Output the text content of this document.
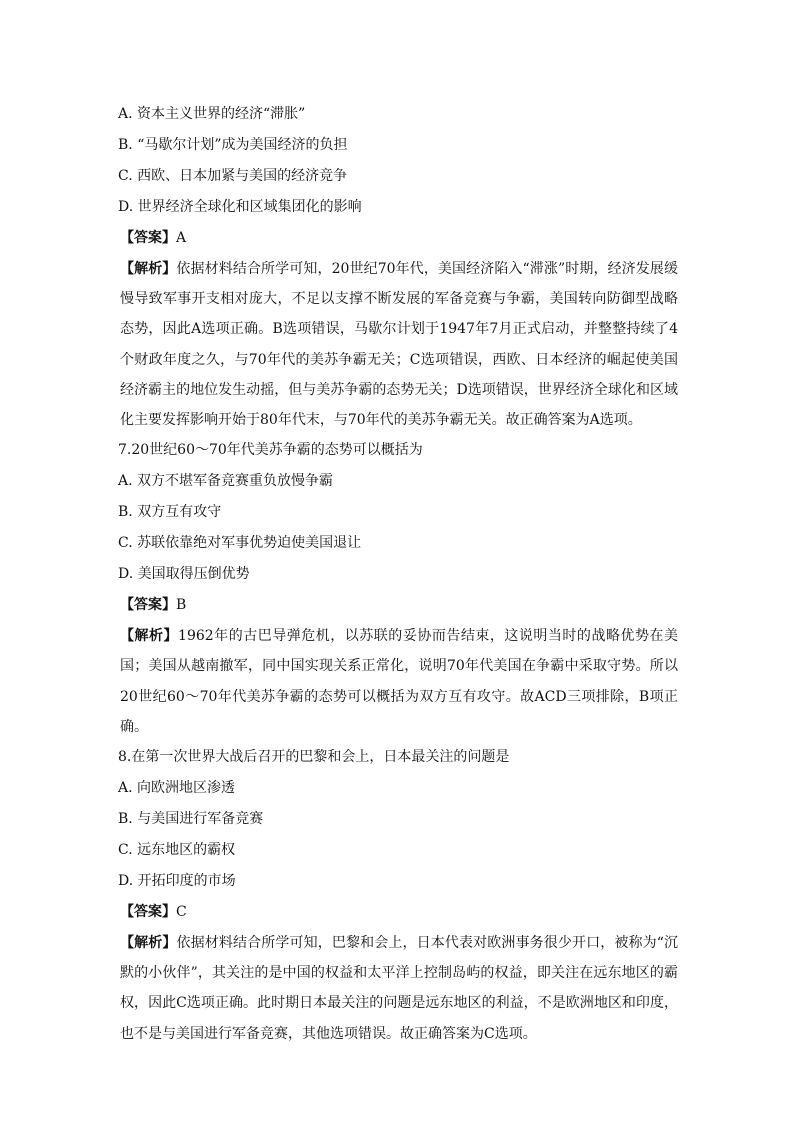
A. 资本主义世界的经济“滞胀”
B. “马歇尔计划”成为美国经济的负担
C. 西欧、日本加紧与美国的经济竞争
D. 世界经济全球化和区域集团化的影响
【答案】A
【解析】依据材料结合所学可知，20世纪70年代，美国经济陷入“滞涨”时期，经济发展缓慢导致军事开支相对庞大，不足以支撑不断发展的军备竞赛与争霸，美国转向防御型战略态势，因此A选项正确。B选项错误，马歇尔计划于1947年7月正式启动，并整整持续了4个财政年度之久，与70年代的美苏争霸无关；C选项错误，西欧、日本经济的崛起使美国经济霸主的地位发生动摇，但与美苏争霸的态势无关；D选项错误，世界经济全球化和区域化主要发挥影响开始于80年代末，与70年代的美苏争霸无关。故正确答案为A选项。
7.20世纪60～70年代美苏争霸的态势可以概括为
A. 双方不堪军备竞赛重负放慢争霸
B. 双方互有攻守
C. 苏联依靠绝对军事优势迫使美国退让
D. 美国取得压倒优势
【答案】B
【解析】1962年的古巴导弹危机，以苏联的妥协而告结束，这说明当时的战略优势在美国；美国从越南撤军，同中国实现关系正常化，说明70年代美国在争霸中采取守势。所以20世纪60～70年代美苏争霸的态势可以概括为双方互有攻守。故ACD三项排除，B项正确。
8.在第一次世界大战后召开的巴黎和会上，日本最关注的问题是
A. 向欧洲地区渗透
B. 与美国进行军备竞赛
C. 远东地区的霸权
D. 开拓印度的市场
【答案】C
【解析】依据材料结合所学可知，巴黎和会上，日本代表对欧洲事务很少开口，被称为“沉默的小伙伴”，其关注的是中国的权益和太平洋上控制岛屿的权益，即关注在远东地区的霸权，因此C选项正确。此时期日本最关注的问题是远东地区的利益，不是欧洲地区和印度，也不是与美国进行军备竞赛，其他选项错误。故正确答案为C选项。
